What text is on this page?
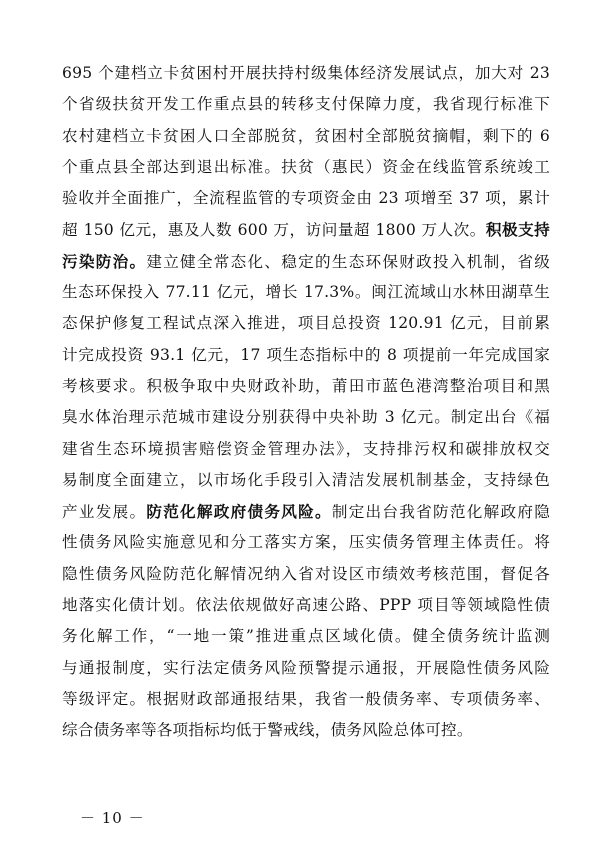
695 个建档立卡贫困村开展扶持村级集体经济发展试点，加大对 23
个省级扶贫开发工作重点县的转移支付保障力度，我省现行标准下
农村建档立卡贫困人口全部脱贫，贫困村全部脱贫摘帽，剩下的 6
个重点县全部达到退出标准。扶贫（惠民）资金在线监管系统竣工
验收并全面推广，全流程监管的专项资金由 23 项增至 37 项，累计
超 150 亿元，惠及人数 600 万，访问量超 1800 万人次。积极支持
污染防治。建立健全常态化、稳定的生态环保财政投入机制，省级
生态环保投入 77.11 亿元，增长 17.3%。闽江流域山水林田湖草生
态保护修复工程试点深入推进，项目总投资 120.91 亿元，目前累
计完成投资 93.1 亿元，17 项生态指标中的 8 项提前一年完成国家
考核要求。积极争取中央财政补助，莆田市蓝色港湾整治项目和黑
臭水体治理示范城市建设分别获得中央补助 3 亿元。制定出台《福
建省生态环境损害赔偿资金管理办法》，支持排污权和碳排放权交
易制度全面建立，以市场化手段引入清洁发展机制基金，支持绿色
产业发展。防范化解政府债务风险。制定出台我省防范化解政府隐
性债务风险实施意见和分工落实方案，压实债务管理主体责任。将
隐性债务风险防范化解情况纳入省对设区市绩效考核范围，督促各
地落实化债计划。依法依规做好高速公路、PPP 项目等领域隐性债
务化解工作，“一地一策”推进重点区域化债。健全债务统计监测
与通报制度，实行法定债务风险预警提示通报，开展隐性债务风险
等级评定。根据财政部通报结果，我省一般债务率、专项债务率、
综合债务率等各项指标均低于警戒线，债务风险总体可控。
－ 10 －
